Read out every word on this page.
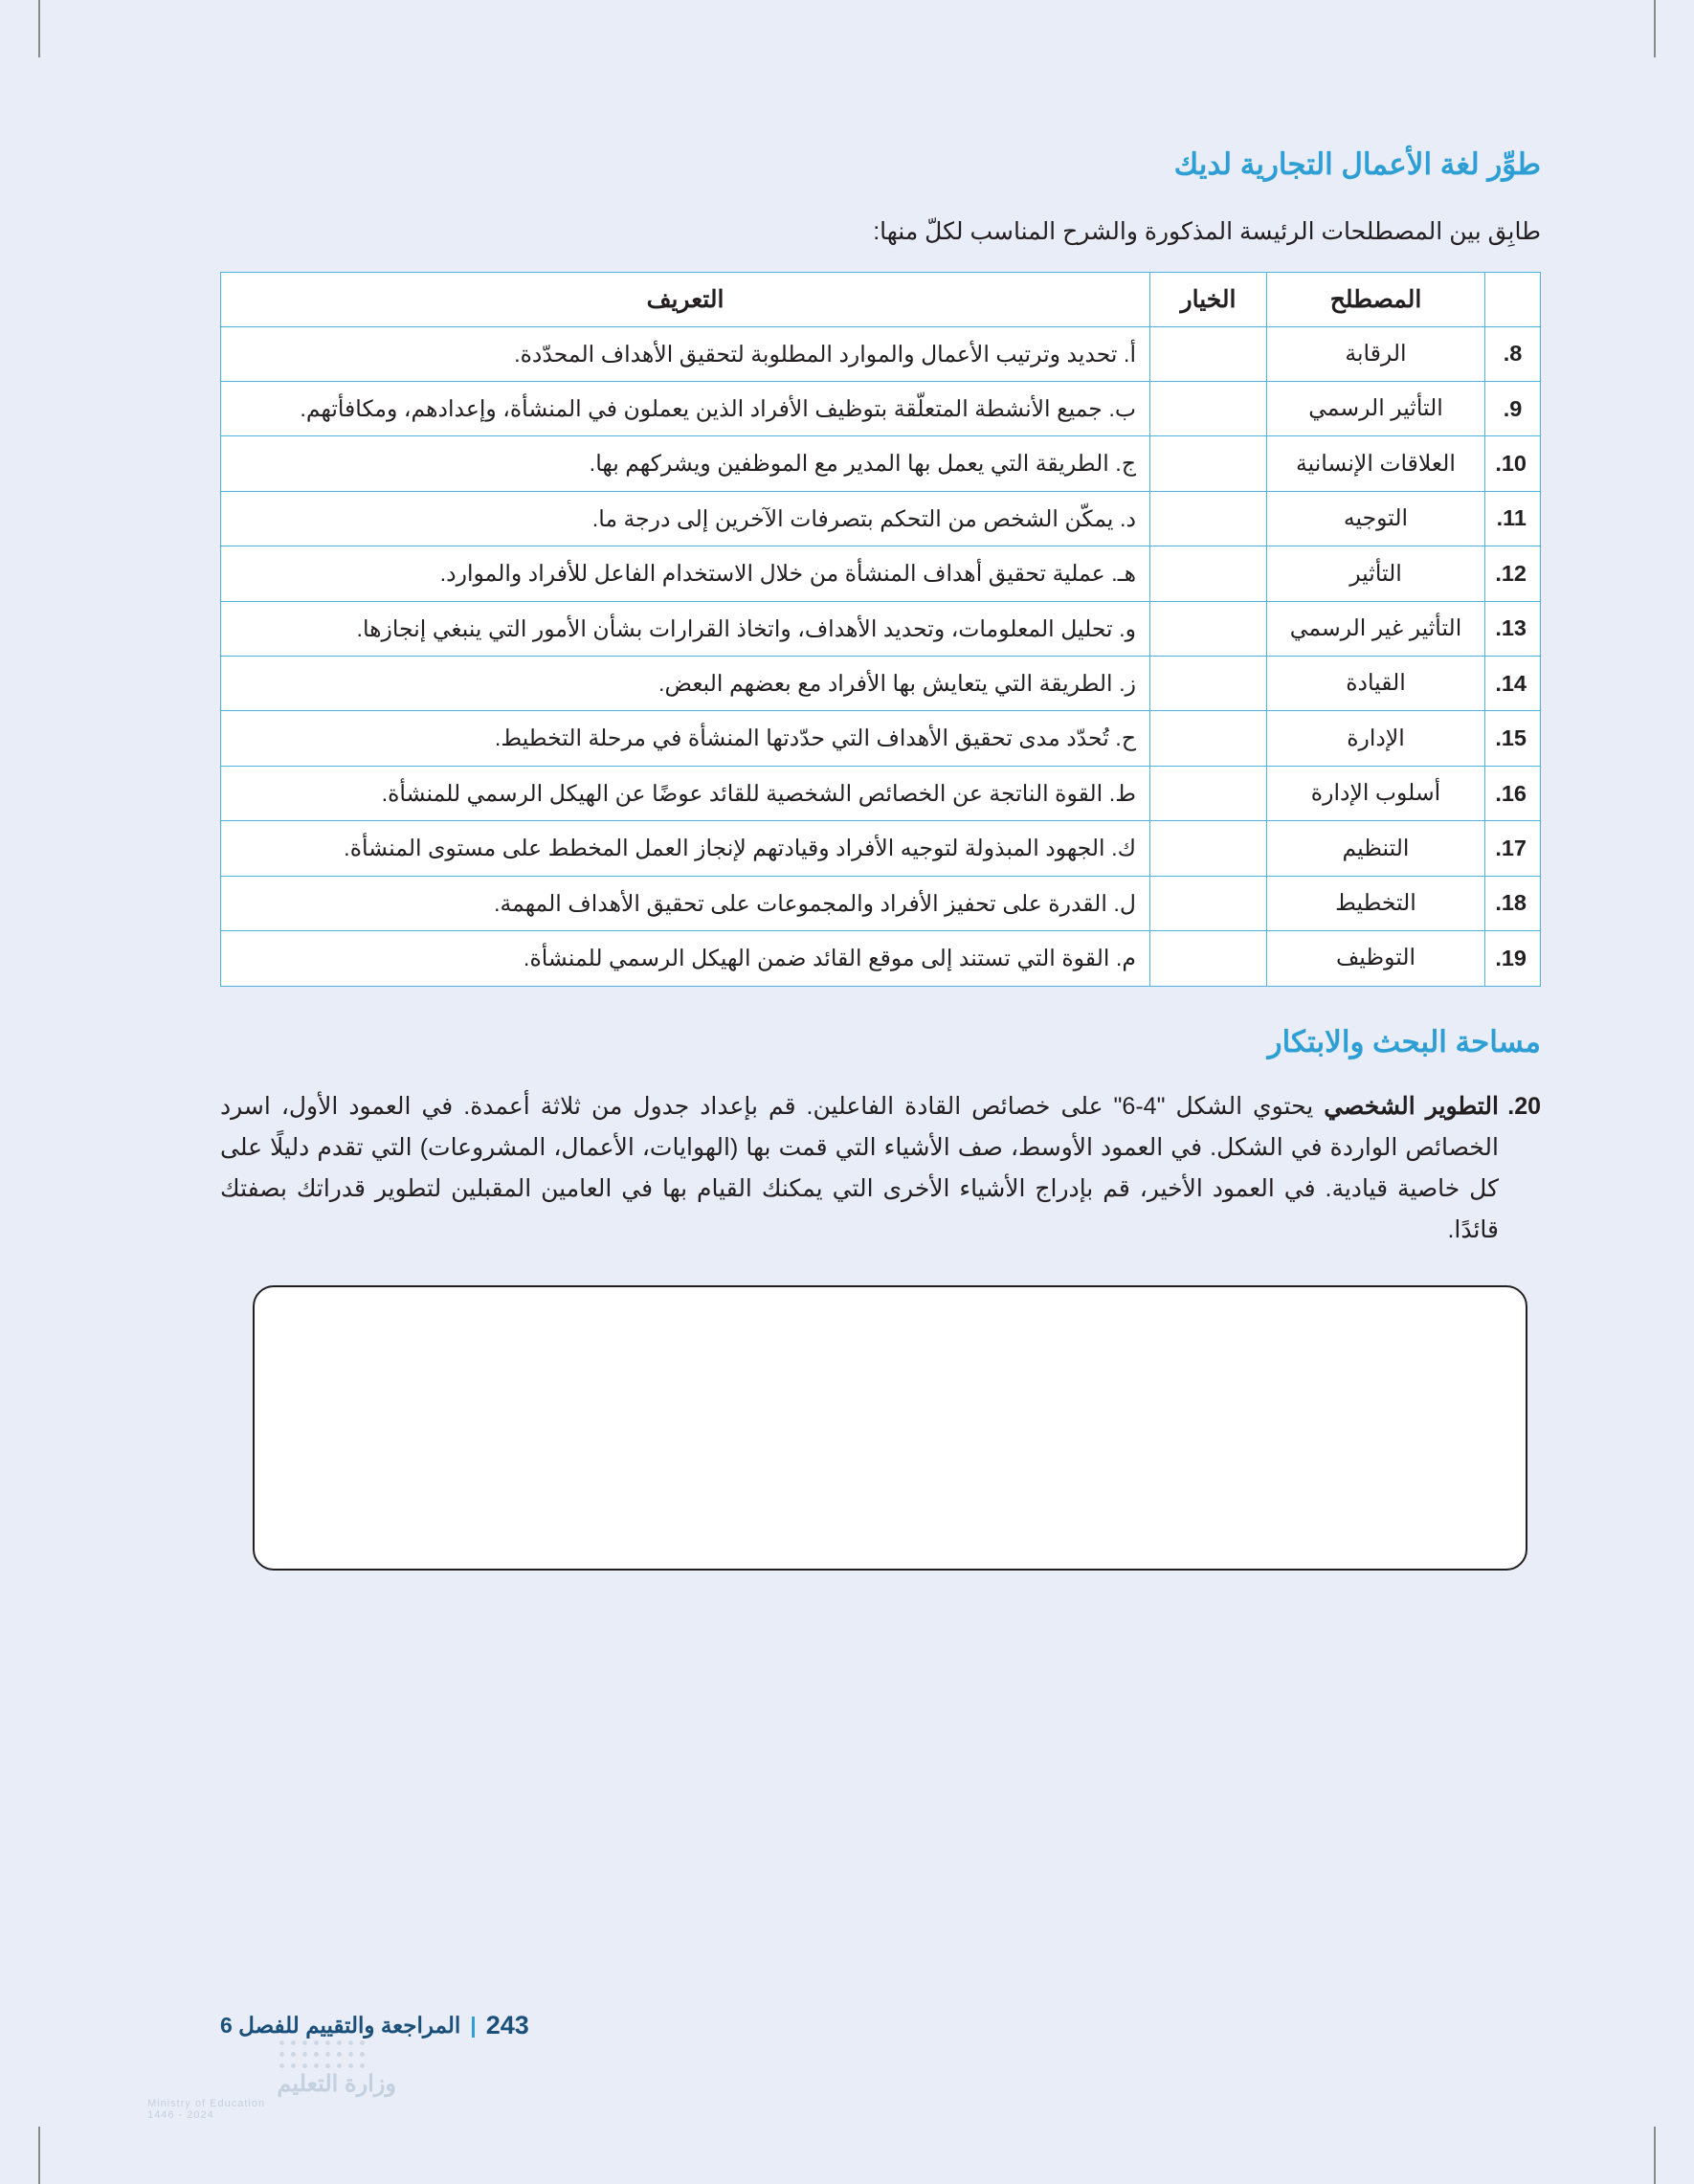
طوِّر لغة الأعمال التجارية لديك

طابِق بين المصطلحات الرئيسة المذكورة والشرح المناسب لكلّ منها:

	المصطلح	الخيار	التعريف
8.	الرقابة		أ. تحديد وترتيب الأعمال والموارد المطلوبة لتحقيق الأهداف المحدّدة.
9.	التأثير الرسمي		ب. جميع الأنشطة المتعلّقة بتوظيف الأفراد الذين يعملون في المنشأة، وإعدادهم، ومكافأتهم.
10.	العلاقات الإنسانية		ج. الطريقة التي يعمل بها المدير مع الموظفين ويشركهم بها.
11.	التوجيه		د. يمكّن الشخص من التحكم بتصرفات الآخرين إلى درجة ما.
12.	التأثير		هـ. عملية تحقيق أهداف المنشأة من خلال الاستخدام الفاعل للأفراد والموارد.
13.	التأثير غير الرسمي		و. تحليل المعلومات، وتحديد الأهداف، واتخاذ القرارات بشأن الأمور التي ينبغي إنجازها.
14.	القيادة		ز. الطريقة التي يتعايش بها الأفراد مع بعضهم البعض.
15.	الإدارة		ح. تُحدّد مدى تحقيق الأهداف التي حدّدتها المنشأة في مرحلة التخطيط.
16.	أسلوب الإدارة		ط. القوة الناتجة عن الخصائص الشخصية للقائد عوضًا عن الهيكل الرسمي للمنشأة.
17.	التنظيم		ك. الجهود المبذولة لتوجيه الأفراد وقيادتهم لإنجاز العمل المخطط على مستوى المنشأة.
18.	التخطيط		ل. القدرة على تحفيز الأفراد والمجموعات على تحقيق الأهداف المهمة.
19.	التوظيف		م. القوة التي تستند إلى موقع القائد ضمن الهيكل الرسمي للمنشأة.
مساحة البحث والابتكار

20.
التطوير الشخصي يحتوي الشكل "4-6" على خصائص القادة الفاعلين. قم بإعداد جدول من ثلاثة أعمدة. في العمود الأول، اسرد الخصائص الواردة في الشكل. في العمود الأوسط، صف الأشياء التي قمت بها (الهوايات، الأعمال، المشروعات) التي تقدم دليلًا على كل خاصية قيادية. في العمود الأخير، قم بإدراج الأشياء الأخرى التي يمكنك القيام بها في العامين المقبلين لتطوير قدراتك بصفتك قائدًا.

المراجعة والتقييم للفصل 6 | 243
وزارة التعليم
Ministry of Education
1446 - 2024
